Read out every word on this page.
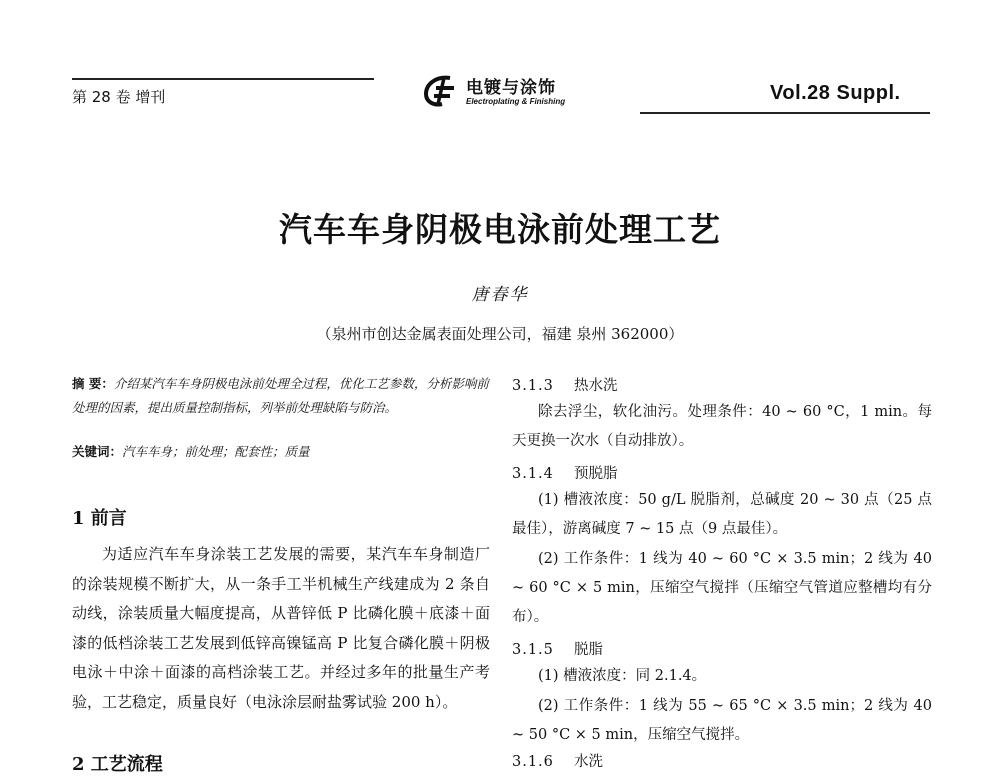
第 28 卷 增刊	电镀与涂饰
Electroplating & Finishing	Vol.28 Suppl.
汽车车身阴极电泳前处理工艺
唐春华
（泉州市创达金属表面处理公司，福建 泉州 362000）
摘 要：介绍某汽车车身阴极电泳前处理全过程，优化工艺参数，分析影响前处理的因素，提出质量控制指标，列举前处理缺陷与防治。
关键词：汽车车身；前处理；配套性；质量
1 前言
为适应汽车车身涂装工艺发展的需要，某汽车车身制造厂的涂装规模不断扩大，从一条手工半机械生产线建成为 2 条自动线，涂装质量大幅度提高，从普锌低 P 比磷化膜＋底漆＋面漆的低档涂装工艺发展到低锌高镍锰高 P 比复合磷化膜＋阴极电泳＋中涂＋面漆的高档涂装工艺。并经过多年的批量生产考验，工艺稳定，质量良好（电泳涂层耐盐雾试验 200 h）。
2 工艺流程
3.1.3 热水洗
除去浮尘，软化油污。处理条件：40 ~ 60 °C，1 min。每天更换一次水（自动排放）。
3.1.4 预脱脂
(1) 槽液浓度：50 g/L 脱脂剂，总碱度 20 ~ 30 点（25 点最佳），游离碱度 7 ~ 15 点（9 点最佳）。
(2) 工作条件：1 线为 40 ~ 60 °C × 3.5 min；2 线为 40 ~ 60 °C × 5 min，压缩空气搅拌（压缩空气管道应整槽均有分布）。
3.1.5 脱脂
(1) 槽液浓度：同 2.1.4。
(2) 工作条件：1 线为 55 ~ 65 °C × 3.5 min；2 线为 40 ~ 50 °C × 5 min，压缩空气搅拌。
3.1.6 水洗
